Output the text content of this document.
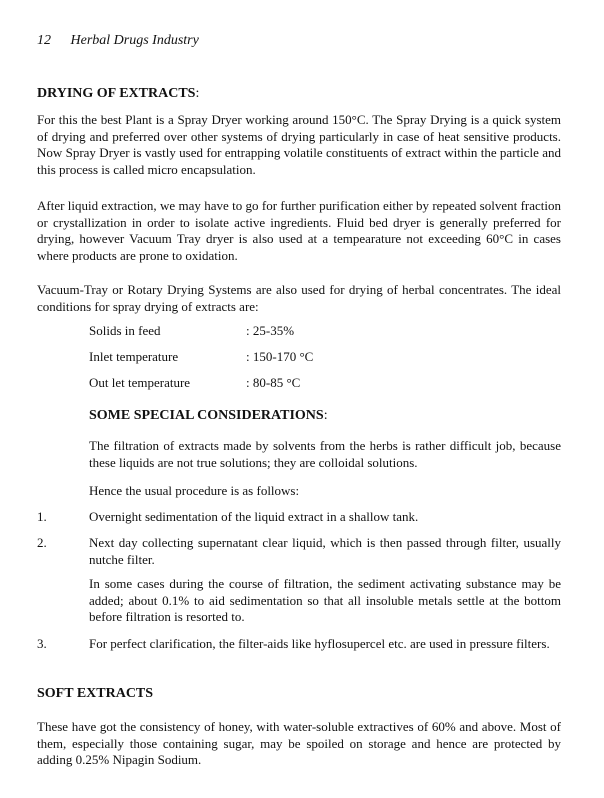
12 Herbal Drugs Industry
DRYING OF EXTRACTS:
For this the best Plant is a Spray Dryer working around 150°C. The Spray Drying is a quick system of drying and preferred over other systems of drying particularly in case of heat sensitive products. Now Spray Dryer is vastly used for entrapping volatile constituents of extract within the particle and this process is called micro encapsulation.
After liquid extraction, we may have to go for further purification either by repeated solvent fraction or crystallization in order to isolate active ingredients. Fluid bed dryer is generally preferred for drying, however Vacuum Tray dryer is also used at a tempearature not exceeding 60°C in cases where products are prone to oxidation.
Vacuum-Tray or Rotary Drying Systems are also used for drying of herbal concentrates. The ideal conditions for spray drying of extracts are:
Solids in feed	: 25-35%
Inlet temperature	: 150-170 °C
Out let temperature	: 80-85 °C
SOME SPECIAL CONSIDERATIONS:
The filtration of extracts made by solvents from the herbs is rather difficult job, because these liquids are not true solutions; they are colloidal solutions.
Hence the usual procedure is as follows:
1.	Overnight sedimentation of the liquid extract in a shallow tank.
2.	Next day collecting supernatant clear liquid, which is then passed through filter, usually nutche filter.
In some cases during the course of filtration, the sediment activating substance may be added; about 0.1% to aid sedimentation so that all insoluble metals settle at the bottom before filtration is resorted to.
3.	For perfect clarification, the filter-aids like hyflosupercel etc. are used in pressure filters.
SOFT EXTRACTS
These have got the consistency of honey, with water-soluble extractives of 60% and above. Most of them, especially those containing sugar, may be spoiled on storage and hence are protected by adding 0.25% Nipagin Sodium.
